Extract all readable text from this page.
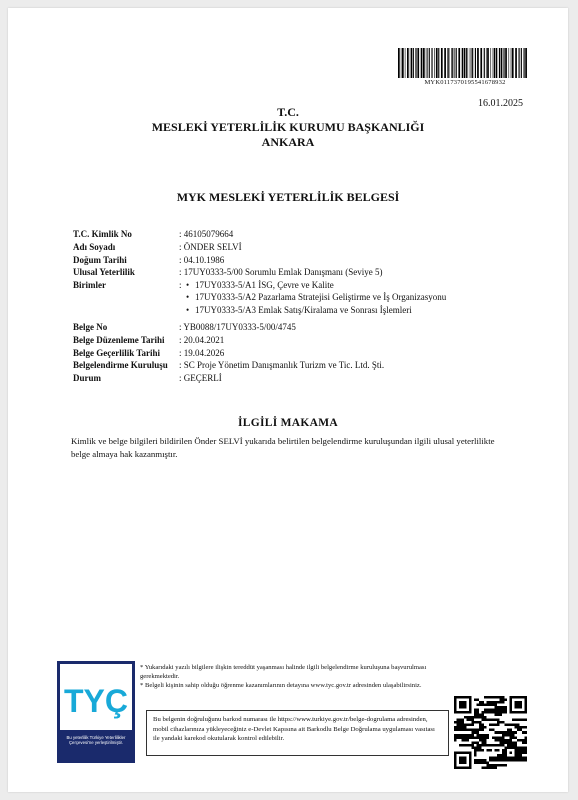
MYK0117370195541678932
16.01.2025
T.C.
MESLEKİ YETERLİLİK KURUMU BAŞKANLIĞI
ANKARA
MYK MESLEKİ YETERLİLİK BELGESİ
T.C. Kimlik No	: 46105079664
Adı Soyadı	: ÖNDER SELVİ
Doğum Tarihi	: 04.10.1986
Ulusal Yeterlilik	: 17UY0333-5/00 Sorumlu Emlak Danışmanı (Seviye 5)
Birimler	:
•	17UY0333-5/A1 İSG, Çevre ve Kalite
• 17UY0333-5/A2 Pazarlama Stratejisi Geliştirme ve İş Organizasyonu
• 17UY0333-5/A3 Emlak Satış/Kiralama ve Sonrası İşlemleri
Belge No	: YB0088/17UY0333-5/00/4745
Belge Düzenleme Tarihi	: 20.04.2021
Belge Geçerlilik Tarihi	: 19.04.2026
Belgelendirme Kuruluşu	: SC Proje Yönetim Danışmanlık Turizm ve Tic. Ltd. Şti.
Durum	: GEÇERLİ
İLGİLİ MAKAMA
Kimlik ve belge bilgileri bildirilen Önder SELVİ yukarıda belirtilen belgelendirme kuruluşundan ilgili ulusal yeterlilikte belge almaya hak kazanmıştır.
TYÇ
Bu yeterlilik Türkiye Yeterlilikler Çerçevesi'ne yerleştirilmiştir.

* Yukarıdaki yazılı bilgilere ilişkin tereddüt yaşanması halinde ilgili belgelendirme kuruluşuna başvurulması gerekmektedir.

* Belgeli kişinin sahip olduğu öğrenme kazanımlarının detayına www.tyc.gov.tr adresinden ulaşabilirsiniz.

Bu belgenin doğruluğunu barkod numarası ile https://www.turkiye.gov.tr/belge-dogrulama adresinden, mobil cihazlarınıza yükleyeceğiniz e-Devlet Kapısına ait Barkodlu Belge Doğrulama uygulaması vasıtası ile yandaki karekod okutularak kontrol edilebilir.
